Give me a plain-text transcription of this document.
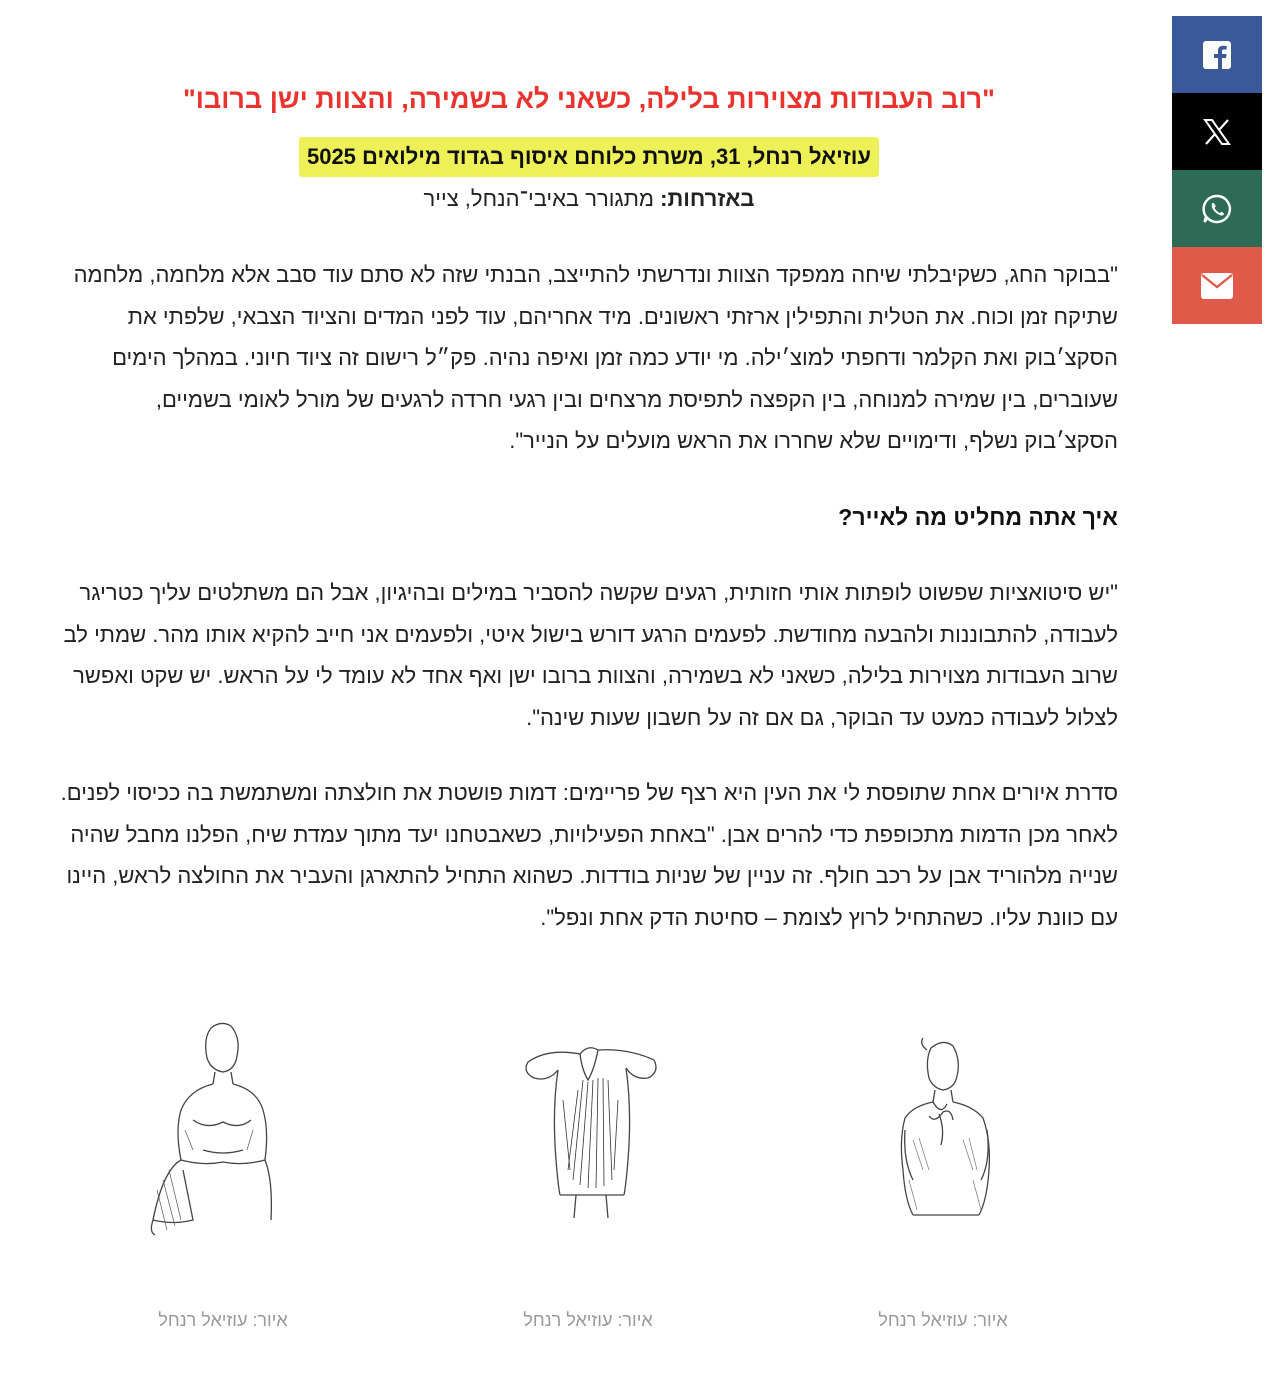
"רוב העבודות מצוירות בלילה, כשאני לא בשמירה, והצוות ישן ברובו"
עוזיאל רנחל, 31, משרת כלוחם איסוף בגדוד מילואים 5025
באזרחות: מתגורר באיבי־הנחל, צייר

"בבוקר החג, כשקיבלתי שיחה ממפקד הצוות ונדרשתי להתייצב, הבנתי שזה לא סתם עוד סבב אלא מלחמה, מלחמה שתיקח זמן וכוח. את הטלית והתפילין ארזתי ראשונים. מיד אחריהם, עוד לפני המדים והציוד הצבאי, שלפתי את הסקצ׳בוק ואת הקלמר ודחפתי למוצ׳ילה. מי יודע כמה זמן ואיפה נהיה. פק״ל רישום זה ציוד חיוני. במהלך הימים שעוברים, בין שמירה למנוחה, בין הקפצה לתפיסת מרצחים ובין רגעי חרדה לרגעים של מורל לאומי בשמיים, הסקצ׳בוק נשלף, ודימויים שלא שחררו את הראש מועלים על הנייר".

איך אתה מחליט מה לאייר?

"יש סיטואציות שפשוט לופתות אותי חזותית, רגעים שקשה להסביר במילים ובהיגיון, אבל הם משתלטים עליך כטריגר לעבודה, להתבוננות ולהבעה מחודשת. לפעמים הרגע דורש בישול איטי, ולפעמים אני חייב להקיא אותו מהר. שמתי לב שרוב העבודות מצוירות בלילה, כשאני לא בשמירה, והצוות ברובו ישן ואף אחד לא עומד לי על הראש. יש שקט ואפשר לצלול לעבודה כמעט עד הבוקר, גם אם זה על חשבון שעות שינה".

סדרת איורים אחת שתופסת לי את העין היא רצף של פריימים: דמות פושטת את חולצתה ומשתמשת בה ככיסוי לפנים. לאחר מכן הדמות מתכופפת כדי להרים אבן. "באחת הפעילויות, כשאבטחנו יעד מתוך עמדת שיח, הפלנו מחבל שהיה שנייה מלהוריד אבן על רכב חולף. זה עניין של שניות בודדות. כשהוא התחיל להתארגן והעביר את החולצה לראש, היינו עם כוונת עליו. כשהתחיל לרוץ לצומת – סחיטת הדק אחת ונפל".

איור: עוזיאל רנחל
איור: עוזיאל רנחל
איור: עוזיאל רנחל
